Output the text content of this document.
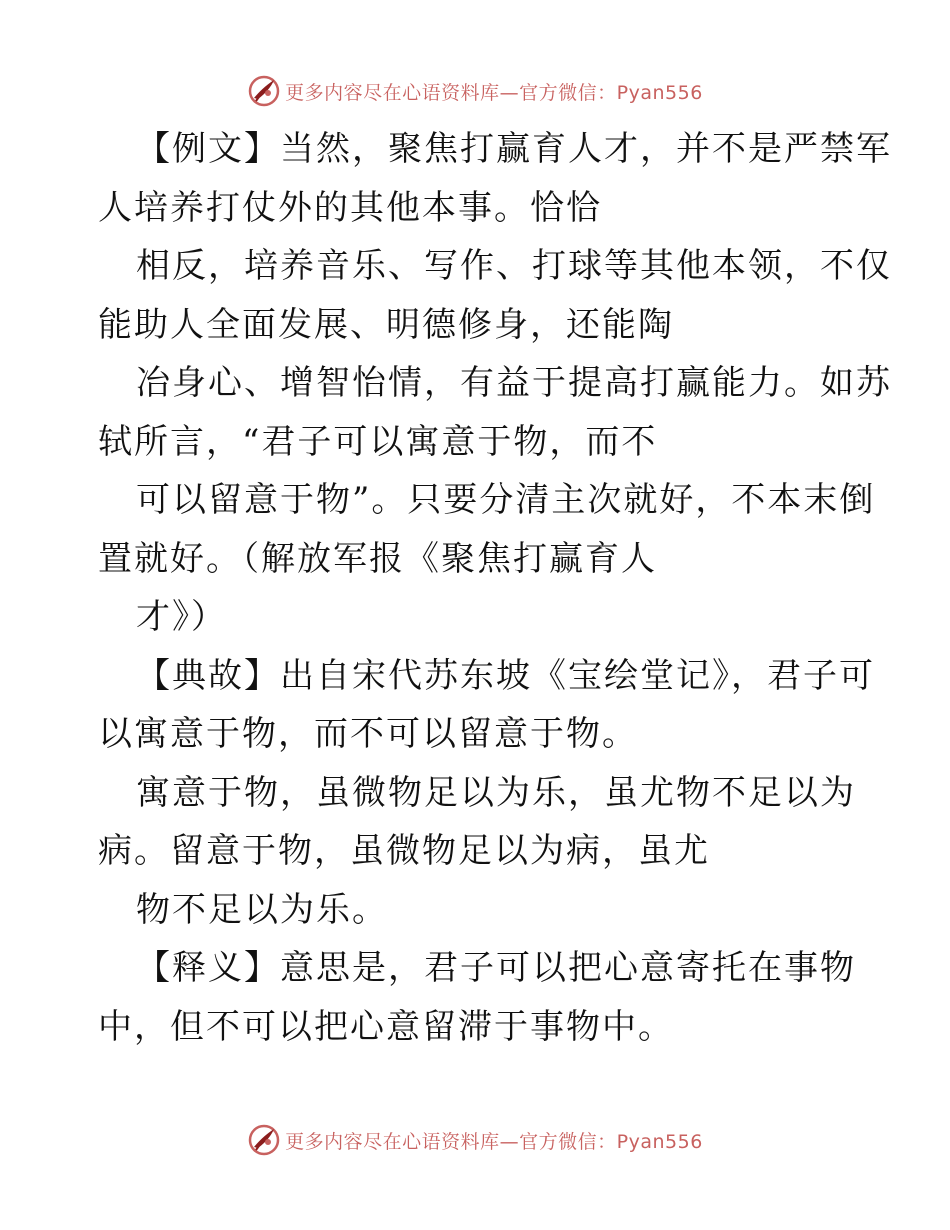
更多内容尽在心语资料库—官方微信：Pyan556

【例文】当然，聚焦打赢育人才，并不是严禁军
人培养打仗外的其他本事。恰恰

相反，培养音乐、写作、打球等其他本领，不仅
能助人全面发展、明德修身，还能陶

冶身心、增智怡情，有益于提高打赢能力。如苏
轼所言，“君子可以寓意于物，而不

可以留意于物”。只要分清主次就好，不本末倒
置就好。（解放军报《聚焦打赢育人

才》）

【典故】出自宋代苏东坡《宝绘堂记》，君子可
以寓意于物，而不可以留意于物。

寓意于物，虽微物足以为乐，虽尤物不足以为
病。留意于物，虽微物足以为病，虽尤

物不足以为乐。

【释义】意思是，君子可以把心意寄托在事物
中，但不可以把心意留滞于事物中。

更多内容尽在心语资料库—官方微信：Pyan556
